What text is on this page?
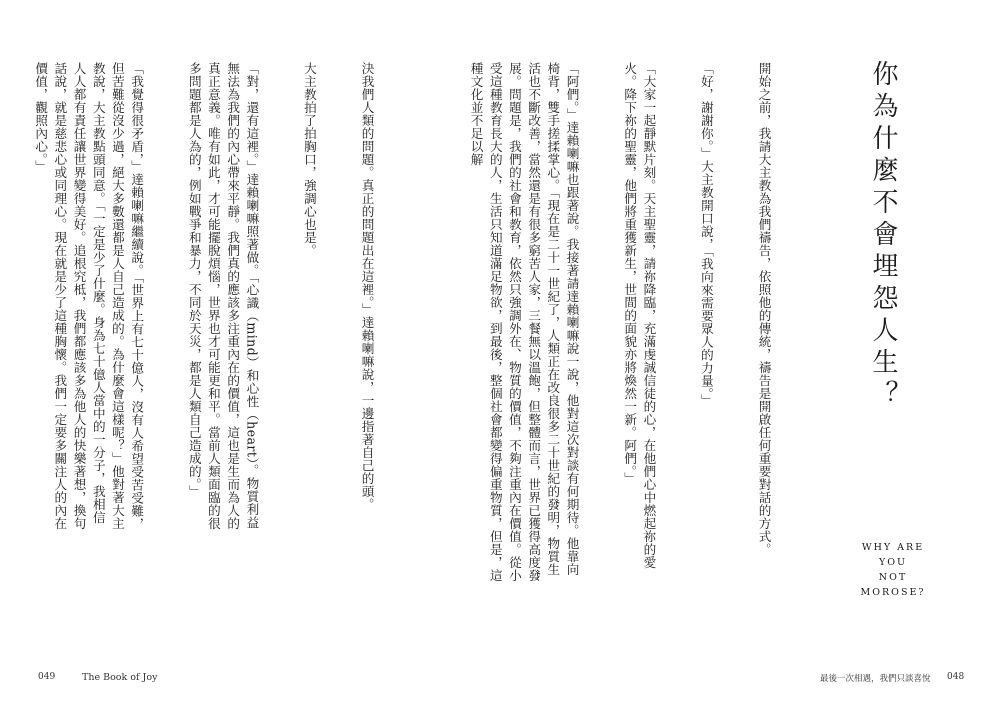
決我們人類的問題。真正的問題出在這裡。」達賴喇嘛說，一邊指著自己的頭。

大主教拍了拍胸口，強調心也是。

「對，還有這裡。」達賴喇嘛照著做。「心識（mind）和心性（heart）。物質利益無法為我們的內心帶來平靜。我們真的應該多注重內在的價值，這也是生而為人的真正意義。唯有如此，才可能擺脫煩惱，世界也才可能更和平。當前人類面臨的很多問題都是人為的，例如戰爭和暴力，不同於天災，都是人類自己造成的。」

「我覺得很矛盾，」達賴喇嘛繼續說。「世界上有七十億人，沒有人希望受苦受難，但苦難從沒少過，絕大多數還都是人自己造成的。為什麼會這樣呢？」他對著大主教說，大主教點頭同意。「一定是少了什麼。身為七十億人當中的一分子，我相信人人都有責任讓世界變得美好。追根究柢，我們都應該多為他人的快樂著想，換句話說，就是慈悲心或同理心。現在就是少了這種胸懷。我們一定要多關注人的內在價值，觀照內心。」

049	The Book of Joy

開始之前，我請大主教為我們禱告，依照他的傳統，禱告是開啟任何重要對話的方式。

「好，謝謝你。」大主教開口說，「我向來需要眾人的力量。」

「大家一起靜默片刻。天主聖靈，請祢降臨，充滿虔誠信徒的心，在他們心中燃起祢的愛火。降下祢的聖靈，他們將重獲新生，世間的面貌亦將煥然一新。阿們。」

「阿們。」達賴喇嘛也跟著說。我接著請達賴喇嘛說一說，他對這次對談有何期待。他靠向椅背，雙手搓揉掌心。「現在是二十一世紀了，人類正在改良很多二十世紀的發明，物質生活也不斷改善，當然還是有很多窮苦人家，三餐無以溫飽，但整體而言，世界已獲得高度發展。問題是，我們的社會和教育，依然只強調外在、物質的價值，不夠注重內在價值。從小受這種教育長大的人，生活只知道滿足物欲，到最後，整個社會都變得偏重物質，但是，這種文化並不足以解

	你為什麼不會埋怨人生？
WHY ARE
YOU
NOT
MOROSE?
最後一次相遇，我們只談喜悅 048
